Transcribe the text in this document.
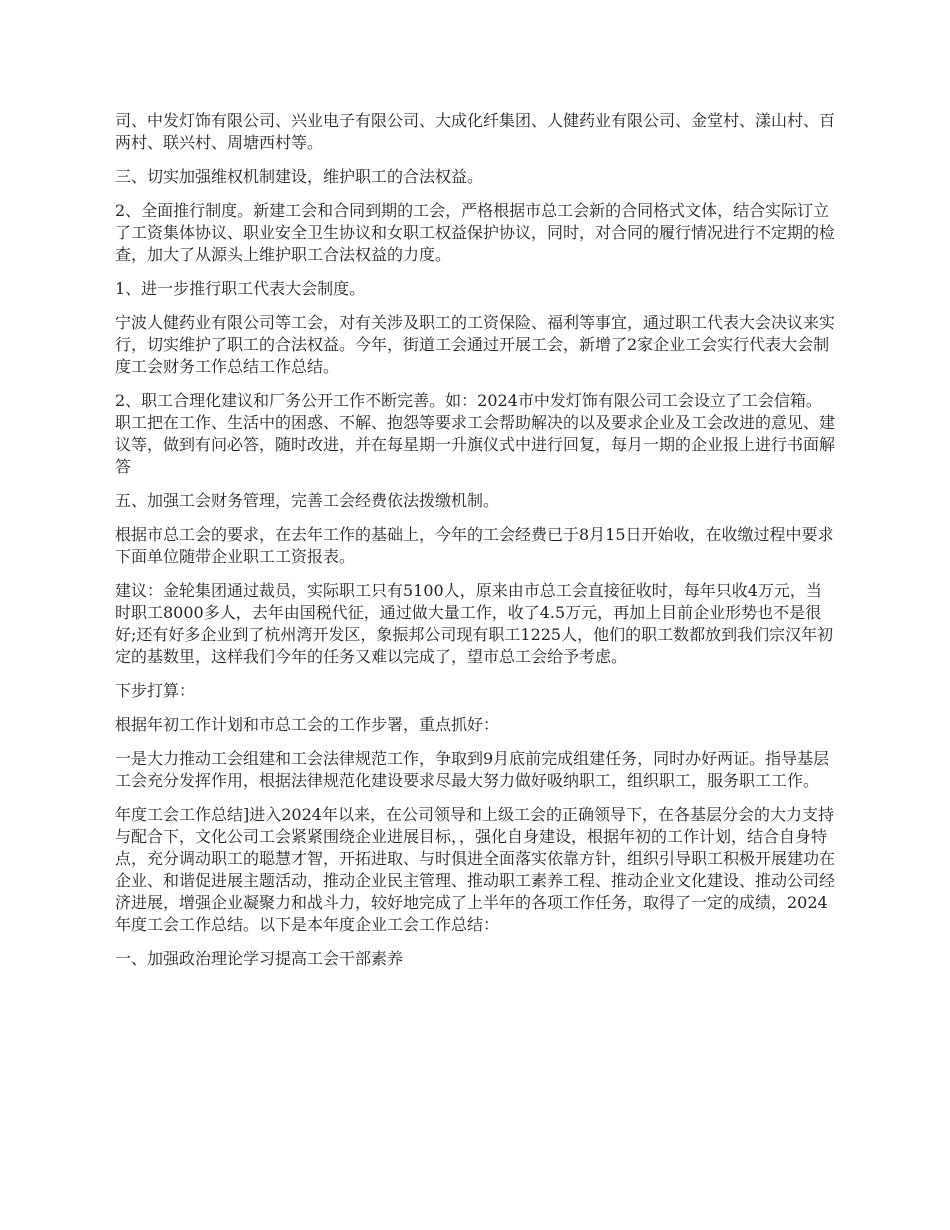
司、中发灯饰有限公司、兴业电子有限公司、大成化纤集团、人健药业有限公司、金堂村、漾山村、百两村、联兴村、周塘西村等。

三、切实加强维权机制建设，维护职工的合法权益。

2、全面推行制度。新建工会和合同到期的工会，严格根据市总工会新的合同格式文体，结合实际订立了工资集体协议、职业安全卫生协议和女职工权益保护协议，同时，对合同的履行情况进行不定期的检查，加大了从源头上维护职工合法权益的力度。

1、进一步推行职工代表大会制度。

宁波人健药业有限公司等工会，对有关涉及职工的工资保险、福利等事宜，通过职工代表大会决议来实行，切实维护了职工的合法权益。今年，街道工会通过开展工会，新增了2家企业工会实行代表大会制度工会财务工作总结工作总结。

2、职工合理化建议和厂务公开工作不断完善。如：2024市中发灯饰有限公司工会设立了工会信箱。职工把在工作、生活中的困惑、不解、抱怨等要求工会帮助解决的以及要求企业及工会改进的意见、建议等，做到有问必答，随时改进，并在每星期一升旗仪式中进行回复，每月一期的企业报上进行书面解答

五、加强工会财务管理，完善工会经费依法拨缴机制。

根据市总工会的要求，在去年工作的基础上，今年的工会经费已于8月15日开始收，在收缴过程中要求下面单位随带企业职工工资报表。

建议：金轮集团通过裁员，实际职工只有5100人，原来由市总工会直接征收时，每年只收4万元，当时职工8000多人，去年由国税代征，通过做大量工作，收了4.5万元，再加上目前企业形势也不是很好;还有好多企业到了杭州湾开发区，象振邦公司现有职工1225人，他们的职工数都放到我们宗汉年初定的基数里，这样我们今年的任务又难以完成了，望市总工会给予考虑。

下步打算：

根据年初工作计划和市总工会的工作步署，重点抓好：

一是大力推动工会组建和工会法律规范工作，争取到9月底前完成组建任务，同时办好两证。指导基层工会充分发挥作用，根据法律规范化建设要求尽最大努力做好吸纳职工，组织职工，服务职工工作。

年度工会工作总结]进入2024年以来，在公司领导和上级工会的正确领导下，在各基层分会的大力支持与配合下，文化公司工会紧紧围绕企业进展目标，，强化自身建设，根据年初的工作计划，结合自身特点，充分调动职工的聪慧才智，开拓进取、与时俱进全面落实依靠方针，组织引导职工积极开展建功在企业、和谐促进展主题活动，推动企业民主管理、推动职工素养工程、推动企业文化建设、推动公司经济进展，增强企业凝聚力和战斗力，较好地完成了上半年的各项工作任务，取得了一定的成绩，2024年度工会工作总结。以下是本年度企业工会工作总结：

一、加强政治理论学习提高工会干部素养
